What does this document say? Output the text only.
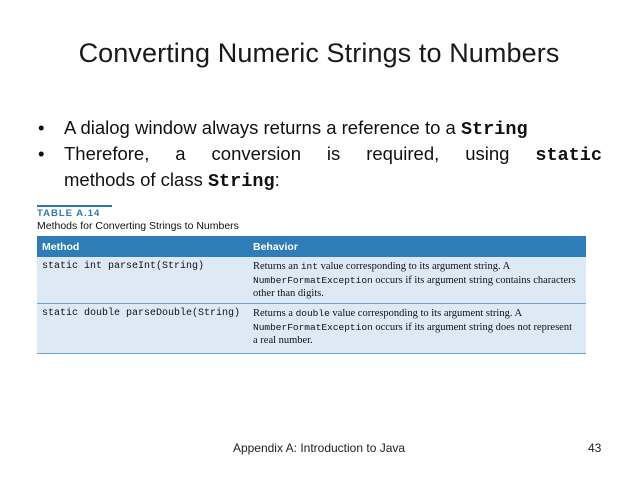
Converting Numeric Strings to Numbers
• A dialog window always returns a reference to a String
• Therefore, a conversion is required, using static
methods of class String:
TABLE A.14
Methods for Converting Strings to Numbers
Method	Behavior
static int parseInt(String)	Returns an int value corresponding to its argument string. A
NumberFormatException occurs if its argument string contains characters other than digits.
static double parseDouble(String) Returns a double value corresponding to its argument string. A
NumberFormatException occurs if its argument string does not represent a real number.
Appendix A: Introduction to Java	43
